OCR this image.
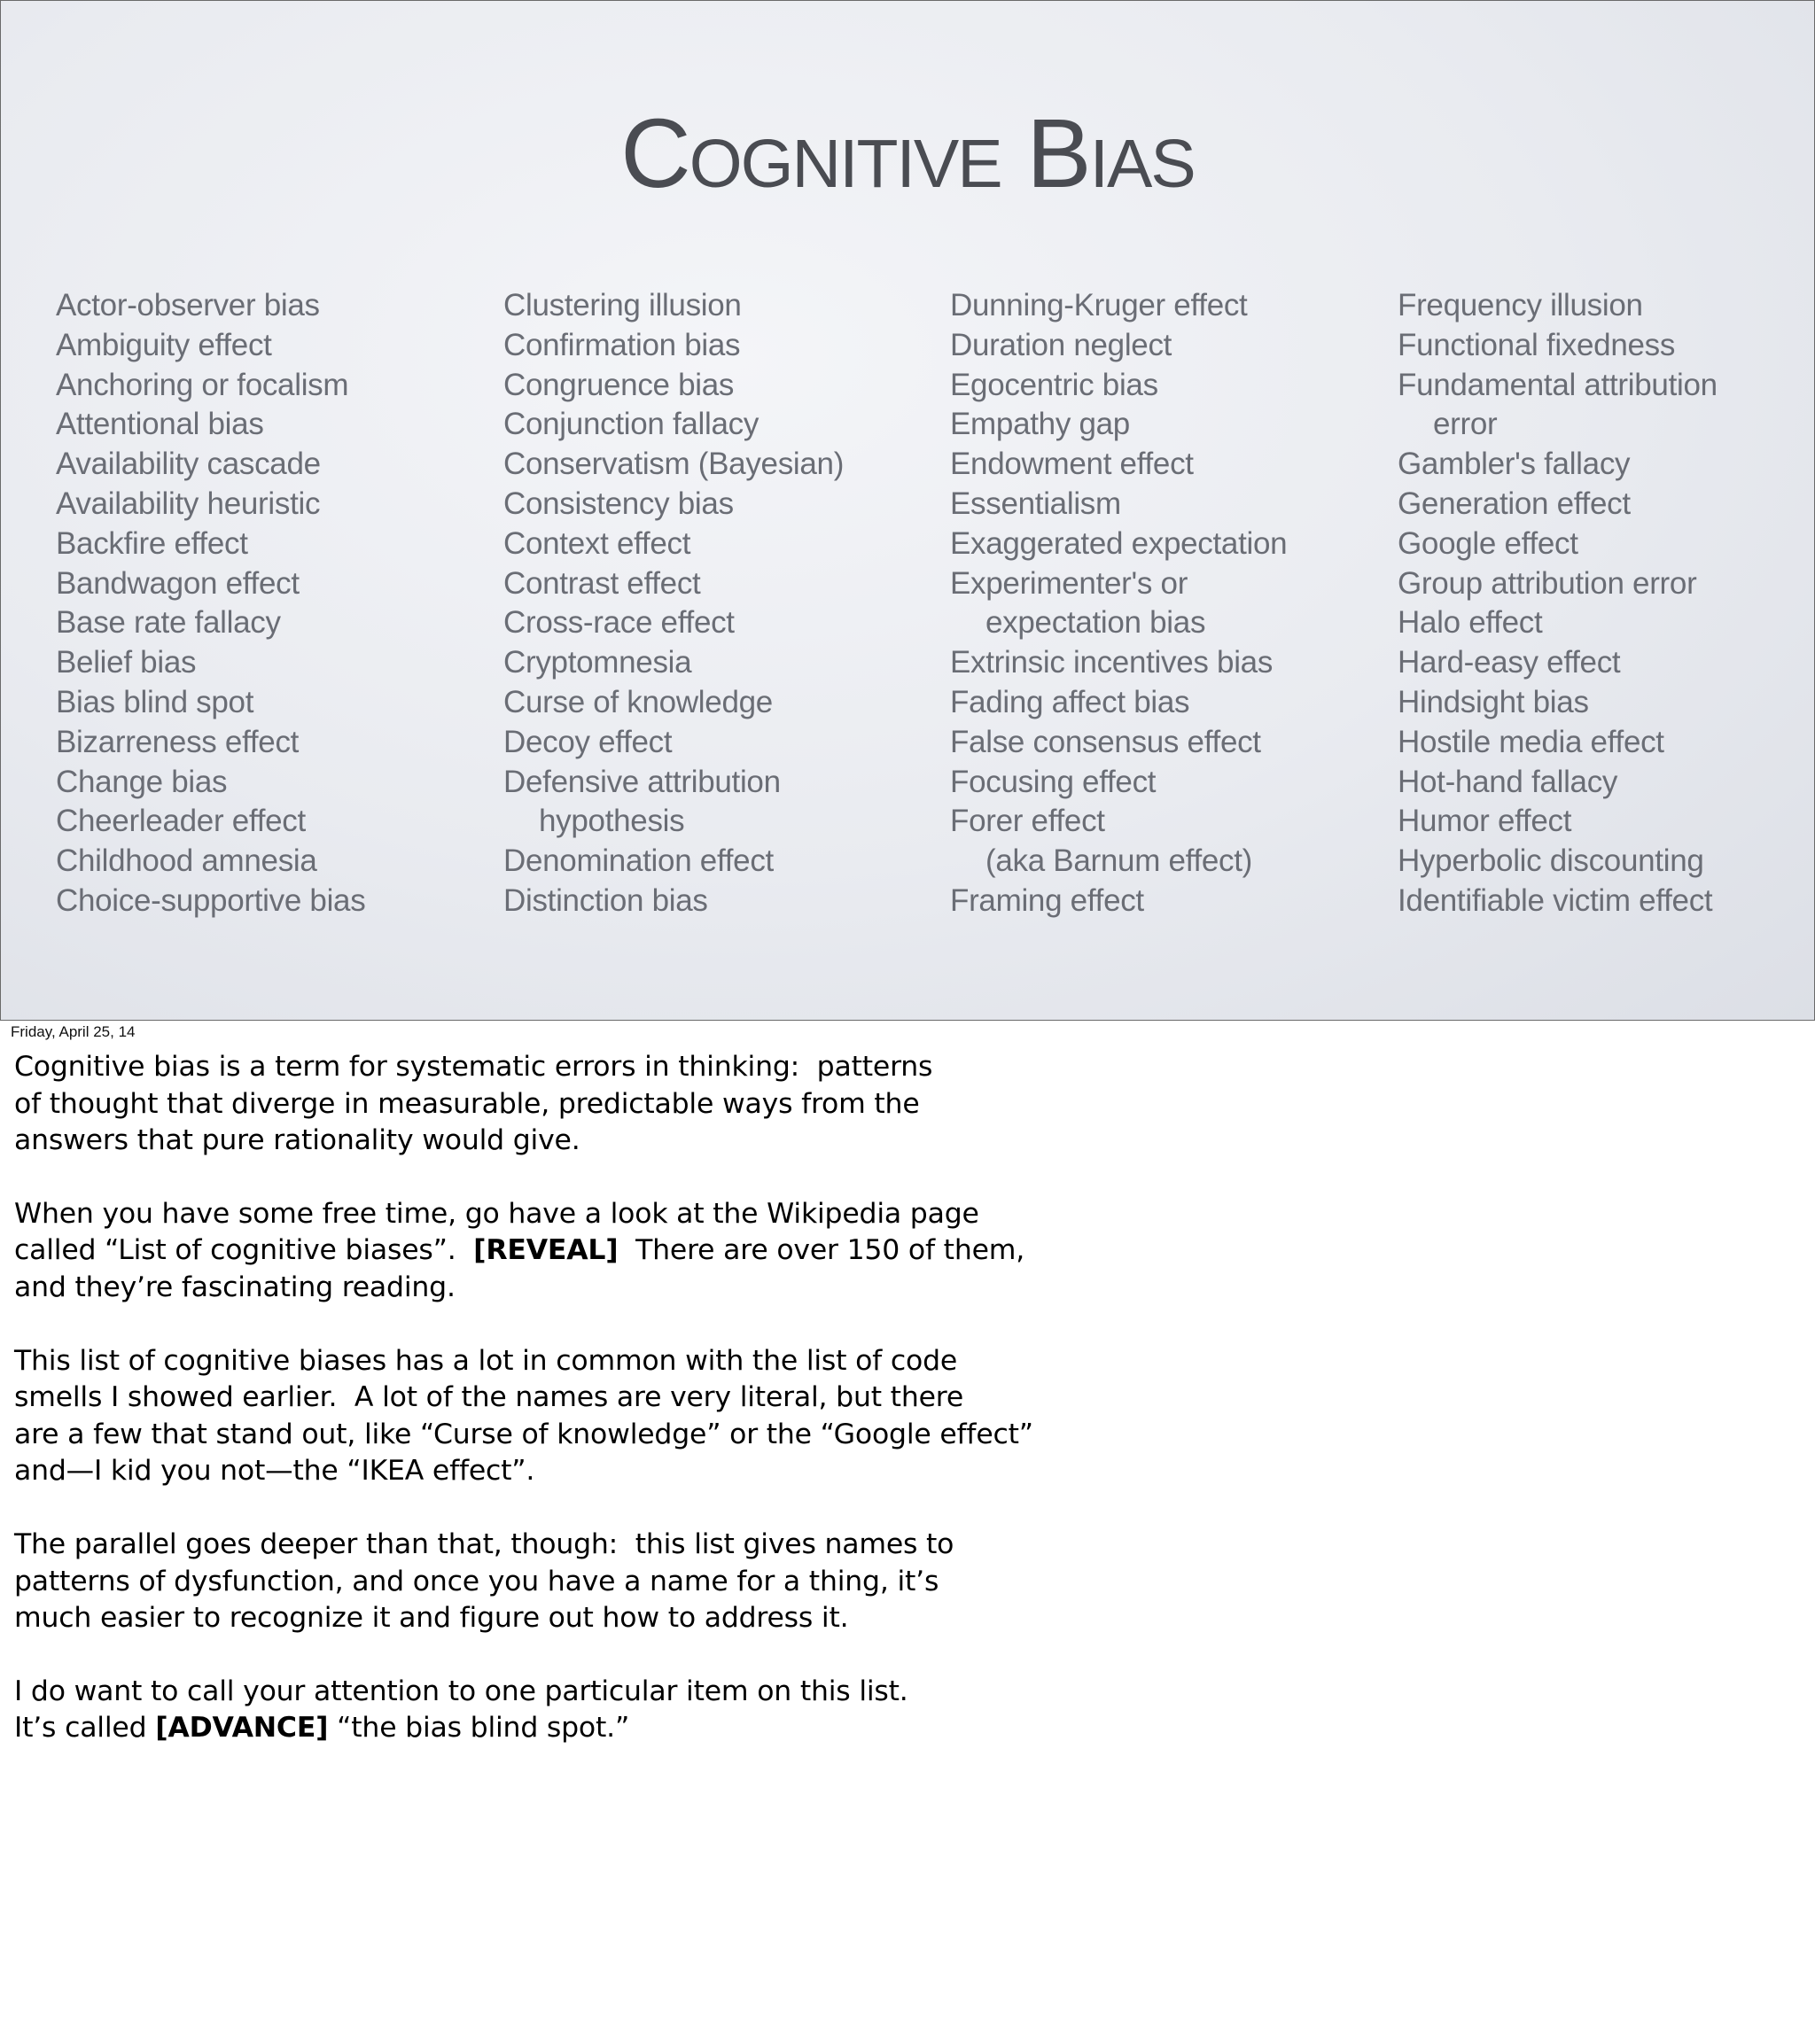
Cognitive Bias
Actor-observer bias
Ambiguity effect
Anchoring or focalism
Attentional bias
Availability cascade
Availability heuristic
Backfire effect
Bandwagon effect
Base rate fallacy
Belief bias
Bias blind spot
Bizarreness effect
Change bias
Cheerleader effect
Childhood amnesia
Choice-supportive bias
Clustering illusion
Confirmation bias
Congruence bias
Conjunction fallacy
Conservatism (Bayesian)
Consistency bias
Context effect
Contrast effect
Cross-race effect
Cryptomnesia
Curse of knowledge
Decoy effect
Defensive attribution
hypothesis
Denomination effect
Distinction bias
Dunning-Kruger effect
Duration neglect
Egocentric bias
Empathy gap
Endowment effect
Essentialism
Exaggerated expectation
Experimenter's or
expectation bias
Extrinsic incentives bias
Fading affect bias
False consensus effect
Focusing effect
Forer effect
(aka Barnum effect)
Framing effect
Frequency illusion
Functional fixedness
Fundamental attribution
error
Gambler's fallacy
Generation effect
Google effect
Group attribution error
Halo effect
Hard-easy effect
Hindsight bias
Hostile media effect
Hot-hand fallacy
Humor effect
Hyperbolic discounting
Identifiable victim effect
Friday, April 25, 14
Cognitive bias is a term for systematic errors in thinking:  patterns
of thought that diverge in measurable, predictable ways from the
answers that pure rationality would give.
When you have some free time, go have a look at the Wikipedia page
called “List of cognitive biases”.  [REVEAL]  There are over 150 of them,
and they’re fascinating reading.
This list of cognitive biases has a lot in common with the list of code
smells I showed earlier.  A lot of the names are very literal, but there
are a few that stand out, like “Curse of knowledge” or the “Google effect”
and—I kid you not—the “IKEA effect”.
The parallel goes deeper than that, though:  this list gives names to
patterns of dysfunction, and once you have a name for a thing, it’s
much easier to recognize it and figure out how to address it.
I do want to call your attention to one particular item on this list.
It’s called [ADVANCE] “the bias blind spot.”
